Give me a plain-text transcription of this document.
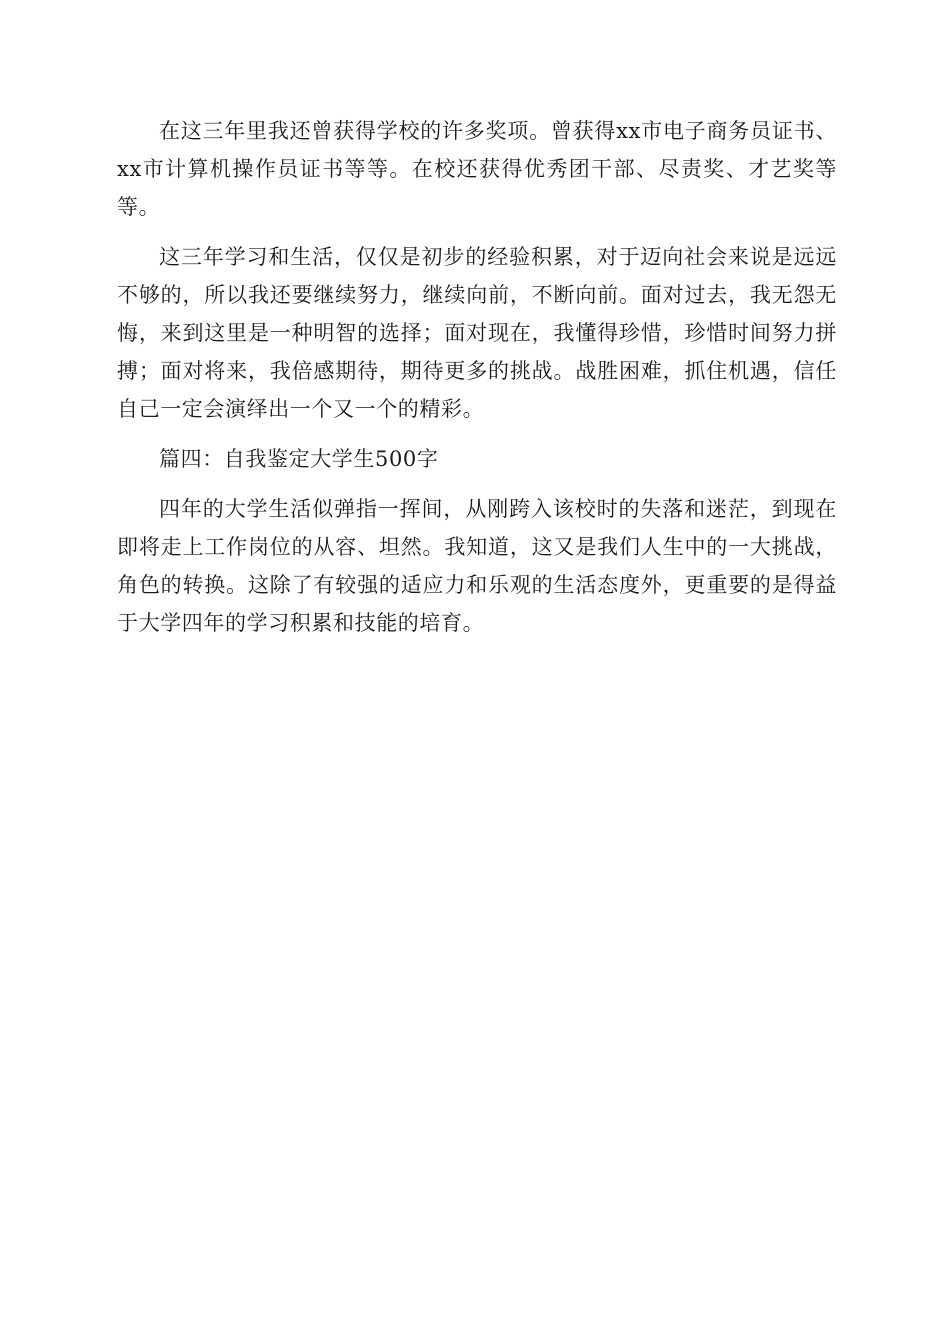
在这三年里我还曾获得学校的许多奖项。曾获得xx市电子商务员证书、xx市计算机操作员证书等等。在校还获得优秀团干部、尽责奖、才艺奖等等。

这三年学习和生活，仅仅是初步的经验积累，对于迈向社会来说是远远不够的，所以我还要继续努力，继续向前，不断向前。面对过去，我无怨无悔，来到这里是一种明智的选择；面对现在，我懂得珍惜，珍惜时间努力拼搏；面对将来，我倍感期待，期待更多的挑战。战胜困难，抓住机遇，信任自己一定会演绎出一个又一个的精彩。

篇四：自我鉴定大学生500字

四年的大学生活似弹指一挥间，从刚跨入该校时的失落和迷茫，到现在即将走上工作岗位的从容、坦然。我知道，这又是我们人生中的一大挑战，角色的转换。这除了有较强的适应力和乐观的生活态度外，更重要的是得益于大学四年的学习积累和技能的培育。
